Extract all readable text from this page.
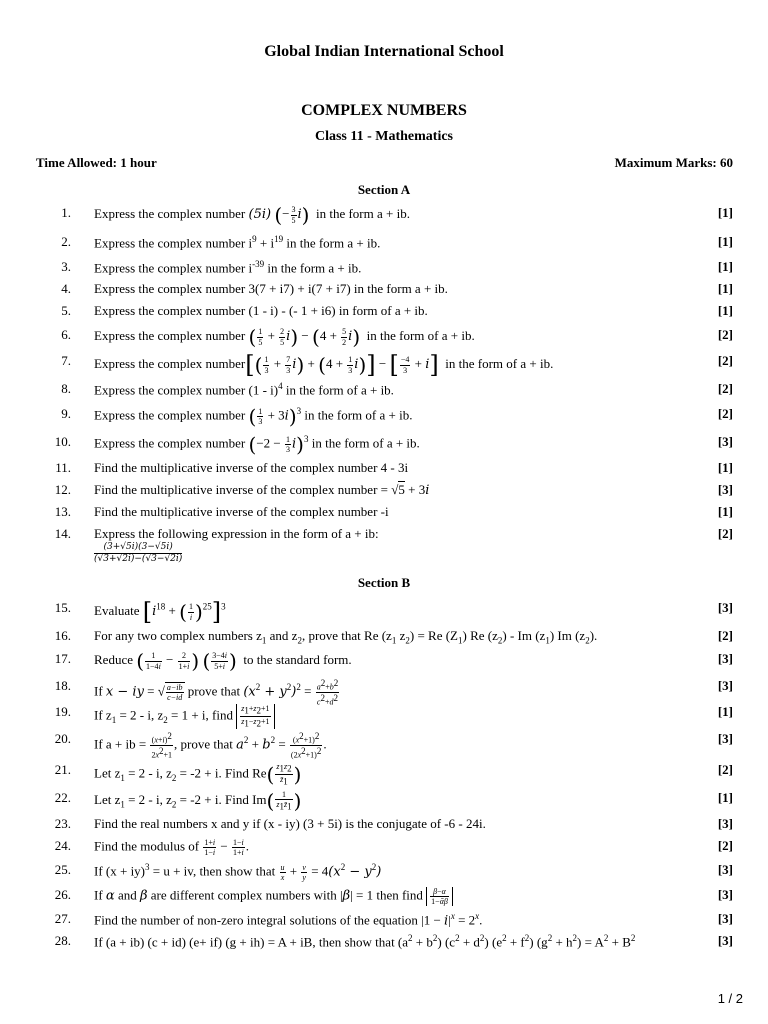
Global Indian International School
COMPLEX NUMBERS
Class 11 - Mathematics
Time Allowed: 1 hour	Maximum Marks: 60
Section A
1. Express the complex number (5i) (− $\frac{3}{5} i$) in the form a + ib.	[1]
2. Express the complex number $i^9 + i^{19}$ in the form a + ib.	[1]
3. Express the complex number $i^{-39}$ in the form a + ib.	[1]
4. Express the complex number 3(7 + i7) + i(7 + i7) in the form a + ib.	[1]
5. Express the complex number (1 - i) - (- 1 + i6) in form of a + ib.	[1]
6. Express the complex number ( $\frac{1}{5} + \frac{2}{5} i) - (4 + \frac{5}{2} i)$ in the form of a + ib.	[2]
7. Express the complex number[( $\frac{1}{3} + \frac{7}{3} i) + (4 + \frac{1}{3} i)$] − [ $\frac{-4}{3} + i$] in the form of a + ib.	[2]
8. Express the complex number (1 - i)$^4$ in the form of a + ib.	[2]
9. Express the complex number ( $\frac{1}{3} + 3i)^3$ in the form of a + ib.	[2]
10. Express the complex number $(-2 - \frac{1}{3} i)^3$ in the form of a + ib.	[3]
11. Find the multiplicative inverse of the complex number 4 - 3i	[1]
12. Find the multiplicative inverse of the complex number = √5 + 3i	[3]
13. Find the multiplicative inverse of the complex number -i	[1]
14. Express the following expression in the form of a + ib:	[2]
(3+√5i)(3−√5i)
(√3+√2i)−(√3−√2i)
Section B
15. Evaluate [$i^{18}$ + ( $\frac{1}{i} )^{25}]^3$	[3]
16. For any two complex numbers $z_1$ and $z_2$, prove that Re ($z_1$ $z_2) = Re$ $(Z_1)$ Re $(z_2)$ - Im $(z_1)$ Im $(z_2)$.	[2]
17. Reduce ( $\frac{1}{1-4i} - \frac{2}{1+i}$ ) ( $\frac{3-4i}{5+i}$ ) to the standard form.	[3]
18. If x − iy = √ $\frac{a-ib}{c-id}$ prove that $(x^2 + y^2)^2 = \frac{a^2+b^2}{c^2+d^2}$	[3]
19. If $z_1 = 2 - i$, $z_2 = 1 + i$, find $\frac{z_1+z_2+1}{z_1-z_2+1}$	[1]
20. If a + ib = $\frac{(x+i)^2}{2x^2+1}$ , prove that $a^2 + b^2 = \frac{(x^2+1)^2}{(2x^2+1)^2}$ .	[3]
21. Let $z_1 = 2 - i$, $z_2 = -2 + i$. Find $Re( \frac{z_1z_2}{z̄_1}$ )	[2]
22. Let $z_1 = 2 - i$, $z_2 = -2 + i$. Find $Im( \frac{1}{z_1z̄_1}$ )	[1]
23. Find the real numbers x and y if (x - iy) (3 + 5i) is the conjugate of -6 - 24i.	[3]
24. Find the modulus of $\frac{1+i}{1-i} - \frac{1-i}{1+i}$ .	[2]
25. If (x + iy)$^3$ = u + iv, then show that $\frac{u}{x} + \frac{v}{y} = 4(x^2 - y^2)$	[3]
26. If α and β are different complex numbers with |β| = 1 then find $\frac{\beta-\alpha}{\text{1−ᾱβ}}$	[3]
27. Find the number of non-zero integral solutions of the equation $|1 - i|^x = 2^x$.	[3]
28. If (a + ib) (c + id) (e+ if) (g + ih) = A + iB, then show that $(a^2 + b^2) (c^2 + d^2) (e^2 + f^2) (g^2 + h^2) = A^2 + B^2$	[3]
1 / 2
